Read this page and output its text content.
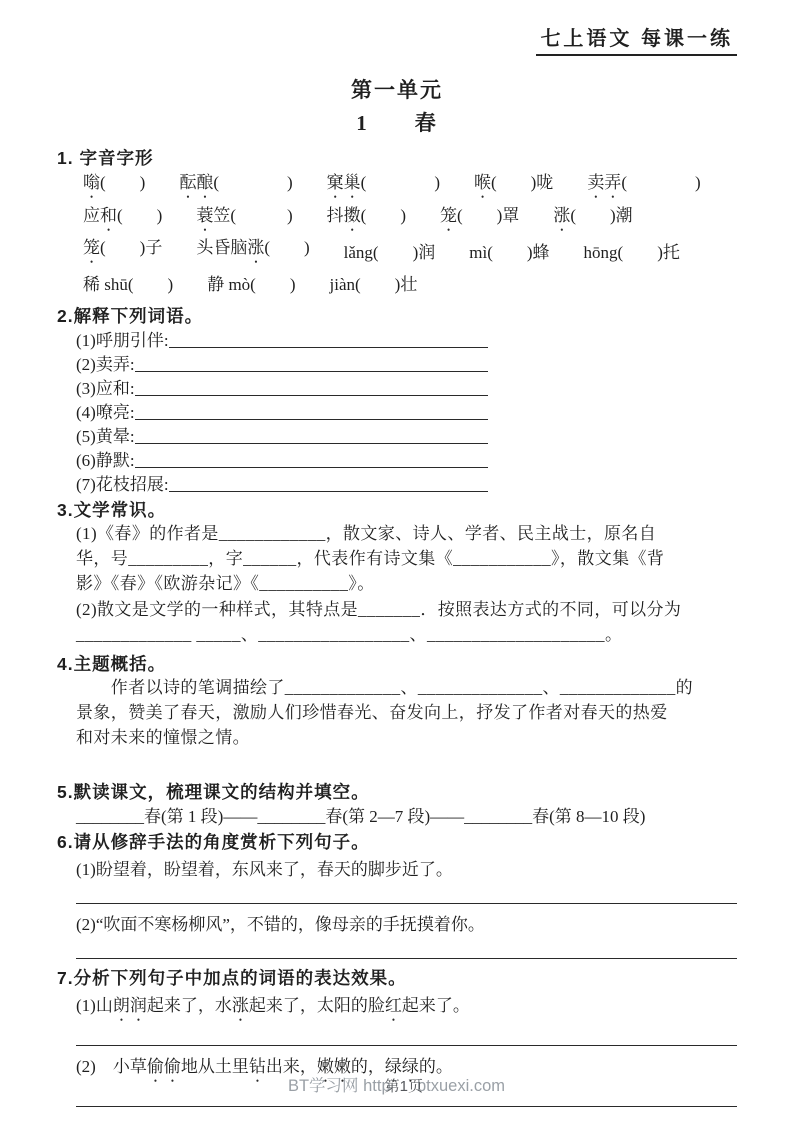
七上语文 每课一练
第一单元
1　　春
1. 字音字形
嗡(　　) 酝酿(　　　　) 窠巢(　　　　) 喉(　　)咙 卖弄(　　　　)
应和(　　) 蓑笠(　　　) 抖擞(　　) 笼(　　)罩 涨(　　)潮
笼(　　)子 头昏脑涨(　　) lǎng(　　)润 mì(　　)蜂 hōng(　　)托
稀 shū(　　) 静 mò(　　) jiàn(　　)壮
2.解释下列词语。
(1)呼朋引伴:
(2)卖弄:
(3)应和:
(4)嘹亮:
(5)黄晕:
(6)静默:
(7)花枝招展:
3.文学常识。
(1)《春》的作者是____________，散文家、诗人、学者、民主战士，原名自
华，号_________，字______，代表作有诗文集《___________》，散文集《背
影》《春》《欧游杂记》《__________》。
(2)散文是文学的一种样式，其特点是_______．按照表达方式的不同，可以分为
_____________ _____、_________________、____________________。
4.主题概括。
　　作者以诗的笔调描绘了_____________、______________、_____________的
景象，赞美了春天，激励人们珍惜春光、奋发向上，抒发了作者对春天的热爱
和对未来的憧憬之情。
5.默读课文，梳理课文的结构并填空。
________春(第 1 段)——________春(第 2—7 段)——________春(第 8—10 段)
6.请从修辞手法的角度赏析下列句子。
(1)盼望着，盼望着，东风来了，春天的脚步近了。
(2)“吹面不寒杨柳风”，不错的，像母亲的手抚摸着你。
7.分析下列句子中加点的词语的表达效果。
(1)山朗润起来了，水涨起来了，太阳的脸红起来了。
(2)　小草偷偷地从土里钻出来，嫩嫩的，绿绿的。
BT学习网 http第1页btxuexi.com
